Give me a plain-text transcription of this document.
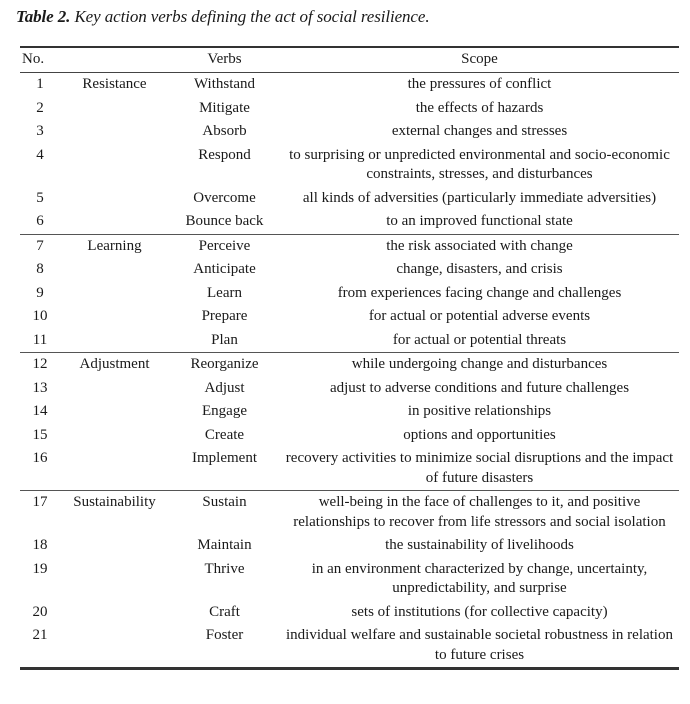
Table 2. Key action verbs defining the act of social resilience.
No.		Verbs	Scope
1	Resistance	Withstand	the pressures of conflict
2		Mitigate	the effects of hazards
3		Absorb	external changes and stresses
4		Respond	to surprising or unpredicted environmental and socio-economic constraints, stresses, and disturbances
5		Overcome	all kinds of adversities (particularly immediate adversities)
6		Bounce back	to an improved functional state
7	Learning	Perceive	the risk associated with change
8		Anticipate	change, disasters, and crisis
9		Learn	from experiences facing change and challenges
10		Prepare	for actual or potential adverse events
11		Plan	for actual or potential threats
12	Adjustment	Reorganize	while undergoing change and disturbances
13		Adjust	adjust to adverse conditions and future challenges
14		Engage	in positive relationships
15		Create	options and opportunities
16		Implement	recovery activities to minimize social disruptions and the impact of future disasters
17	Sustainability	Sustain	well-being in the face of challenges to it, and positive relationships to recover from life stressors and social isolation
18		Maintain	the sustainability of livelihoods
19		Thrive	in an environment characterized by change, uncertainty, unpredictability, and surprise
20		Craft	sets of institutions (for collective capacity)
21		Foster	individual welfare and sustainable societal robustness in relation to future crises
